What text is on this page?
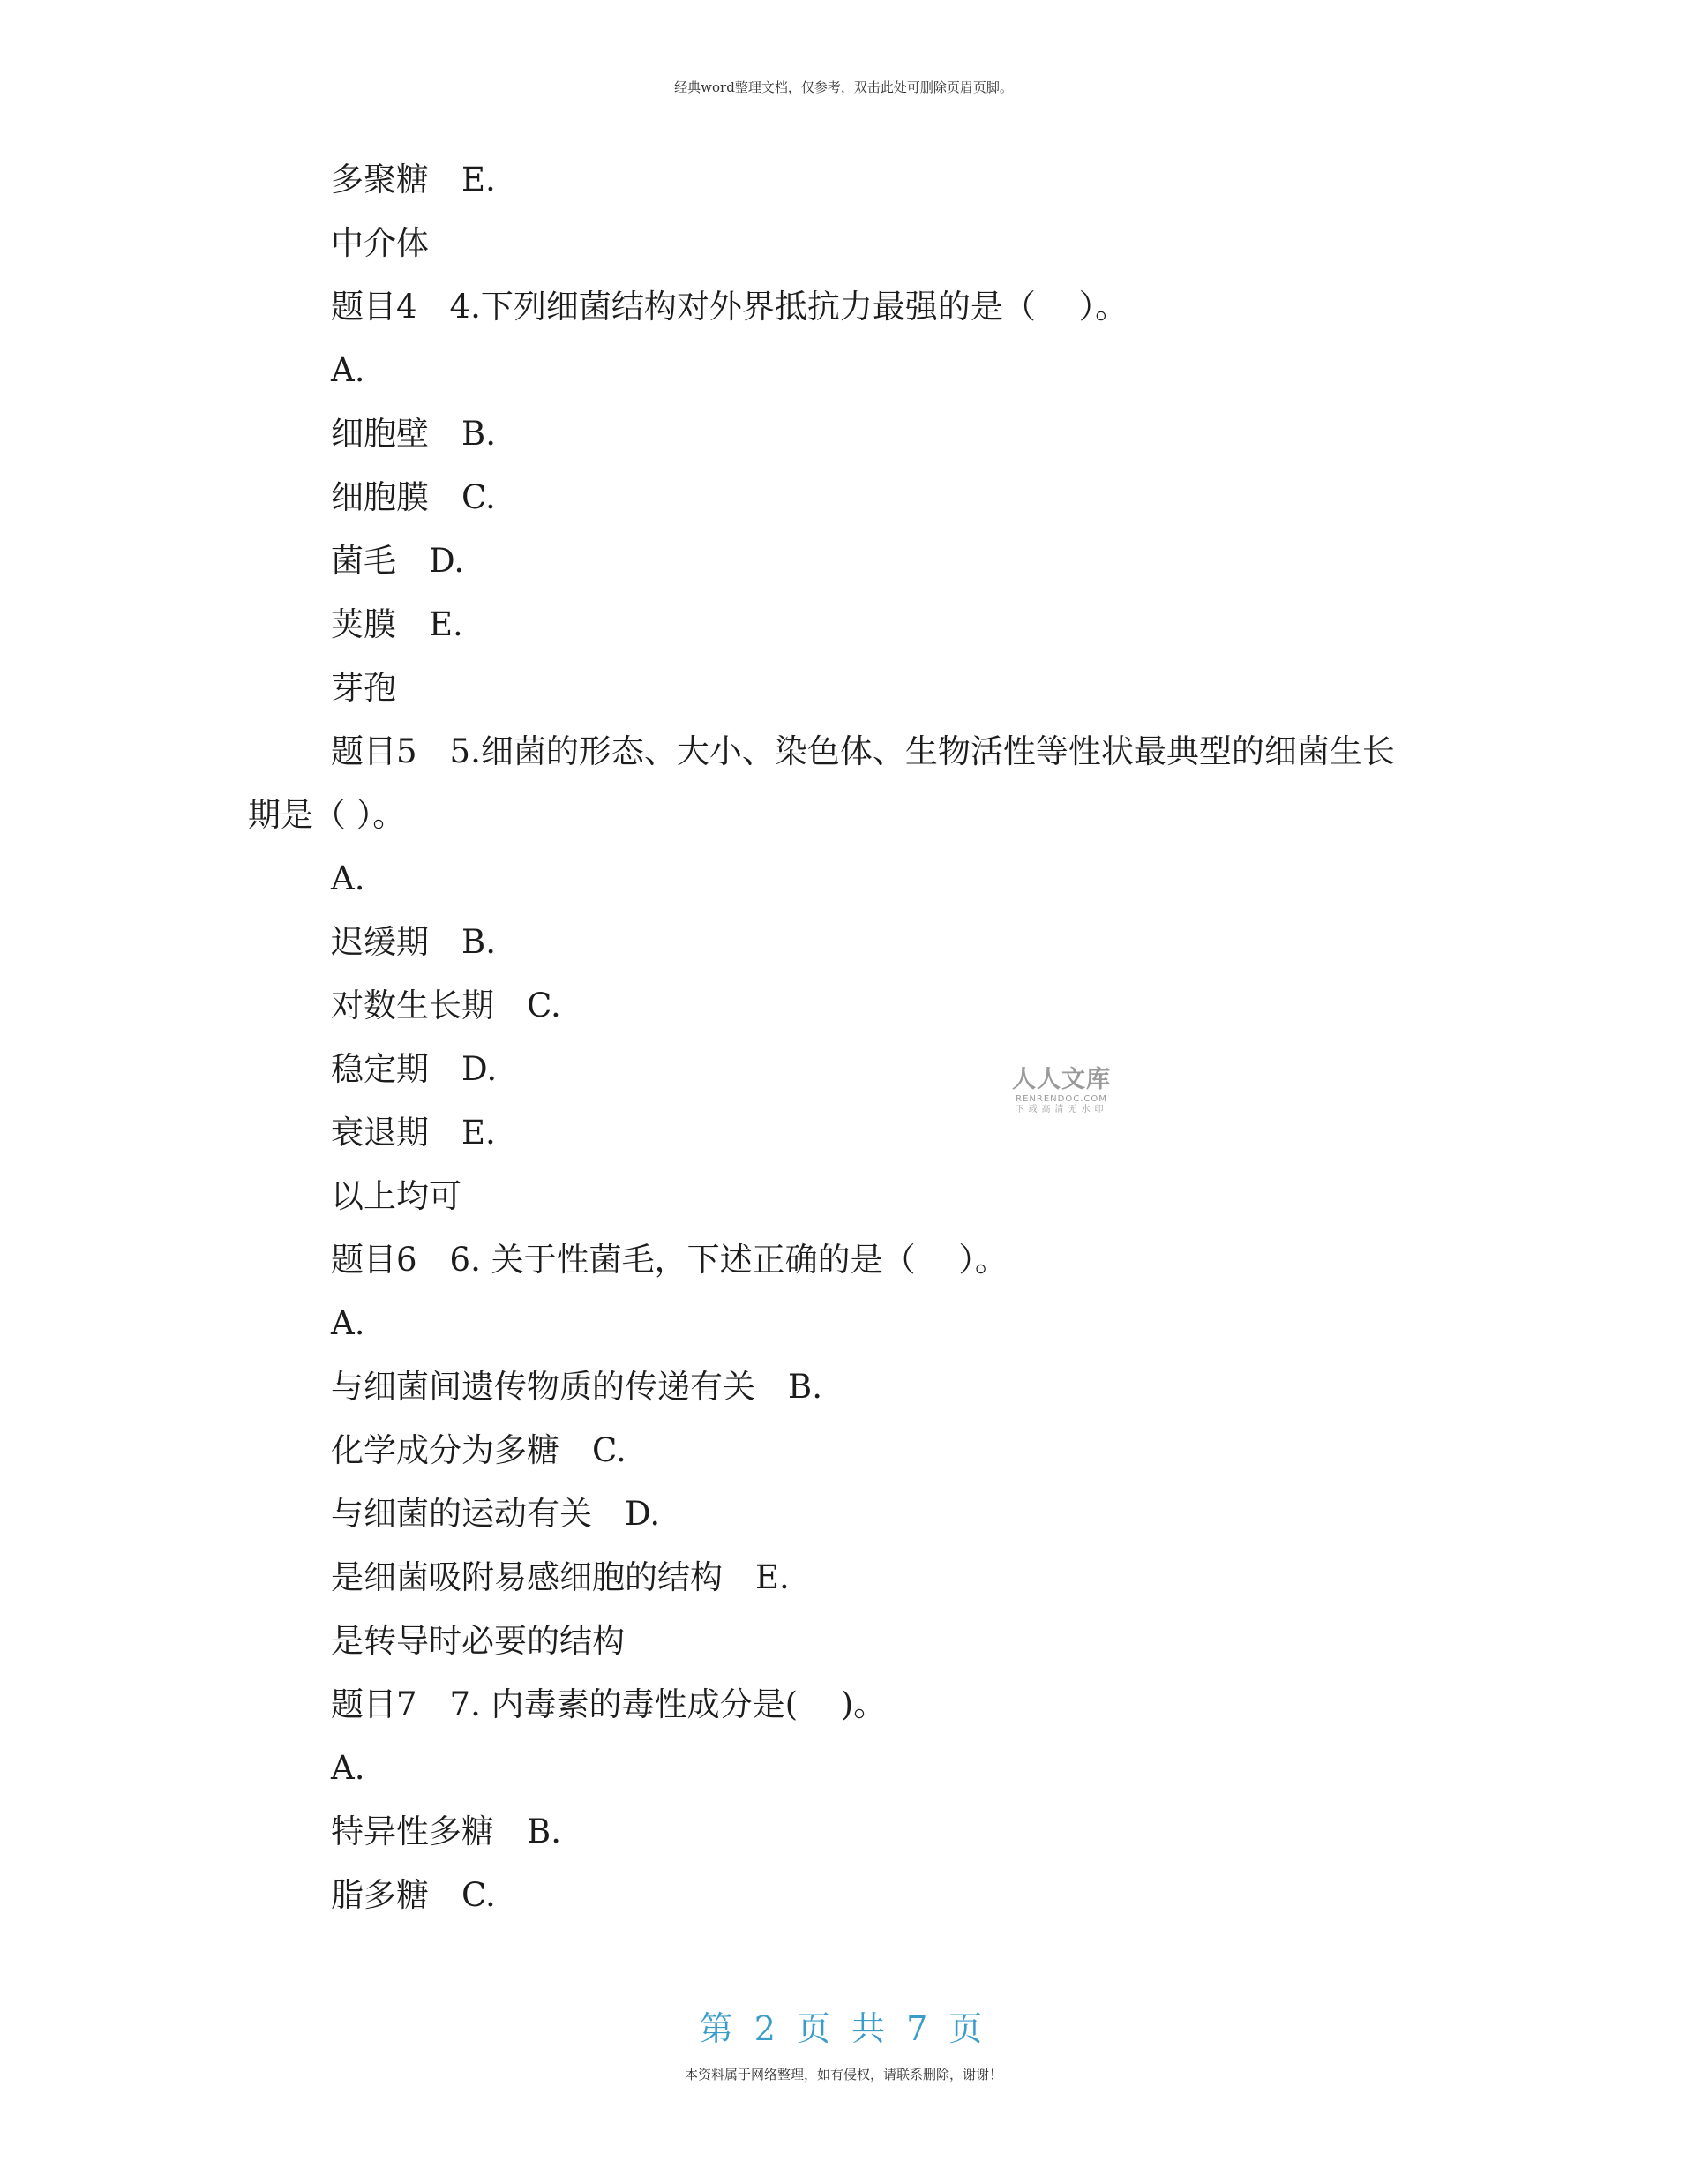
经典word整理文档，仅参考，双击此处可删除页眉页脚。
多聚糖　E.
中介体
题目4　4.下列细菌结构对外界抵抗力最强的是（　 ）。
A.
细胞壁　B.
细胞膜　C.
菌毛　D.
荚膜　E.
芽孢
题目5　5.细菌的形态、大小、染色体、生物活性等性状最典型的细菌生长
期是（ ）。
A.
迟缓期　B.
对数生长期　C.
稳定期　D.
衰退期　E.
以上均可
题目6　6. 关于性菌毛，下述正确的是（　 ）。
A.
与细菌间遗传物质的传递有关　B.
化学成分为多糖　C.
与细菌的运动有关　D.
是细菌吸附易感细胞的结构　E.
是转导时必要的结构
题目7　7. 内毒素的毒性成分是(　 )。
A.
特异性多糖　B.
脂多糖　C.
人人文库
RENRENDOC.COM
下载高清无水印
第 2 页 共 7 页
本资料属于网络整理，如有侵权，请联系删除，谢谢！
